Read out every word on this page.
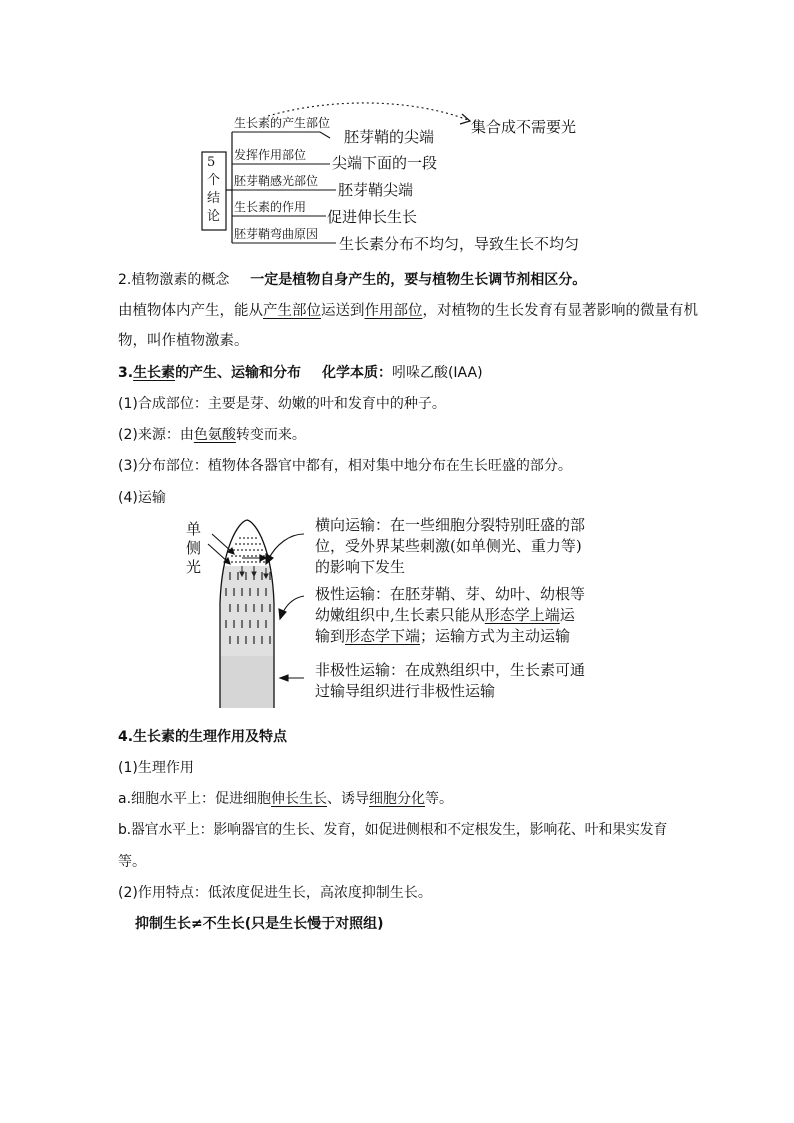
5
个
结
论
生长素的产生部位
发挥作用部位
胚芽鞘感光部位
生长素的作用
胚芽鞘弯曲原因
胚芽鞘的尖端
尖端下面的一段
胚芽鞘尖端
促进伸长生长
生长素分布不均匀，导致生长不均匀
集合成不需要光
2.植物激素的概念 一定是植物自身产生的，要与植物生长调节剂相区分。
由植物体内产生，能从产生部位运送到作用部位，对植物的生长发育有显著影响的微量有机
物，叫作植物激素。
3.生长素的产生、运输和分布 化学本质：吲哚乙酸(IAA)
(1)合成部位：主要是芽、幼嫩的叶和发育中的种子。
(2)来源：由色氨酸转变而来。
(3)分布部位：植物体各器官中都有，相对集中地分布在生长旺盛的部分。
(4)运输
单
侧
光
横向运输：在一些细胞分裂特别旺盛的部
位，受外界某些刺激(如单侧光、重力等)
的影响下发生
极性运输：在胚芽鞘、芽、幼叶、幼根等
幼嫩组织中,生长素只能从形态学上端运
输到形态学下端；运输方式为主动运输
非极性运输：在成熟组织中，生长素可通
过输导组织进行非极性运输
4.生长素的生理作用及特点
(1)生理作用
a.细胞水平上：促进细胞伸长生长、诱导细胞分化等。
b.器官水平上：影响器官的生长、发育，如促进侧根和不定根发生，影响花、叶和果实发育
等。
(2)作用特点：低浓度促进生长，高浓度抑制生长。
抑制生长≠不生长(只是生长慢于对照组)
